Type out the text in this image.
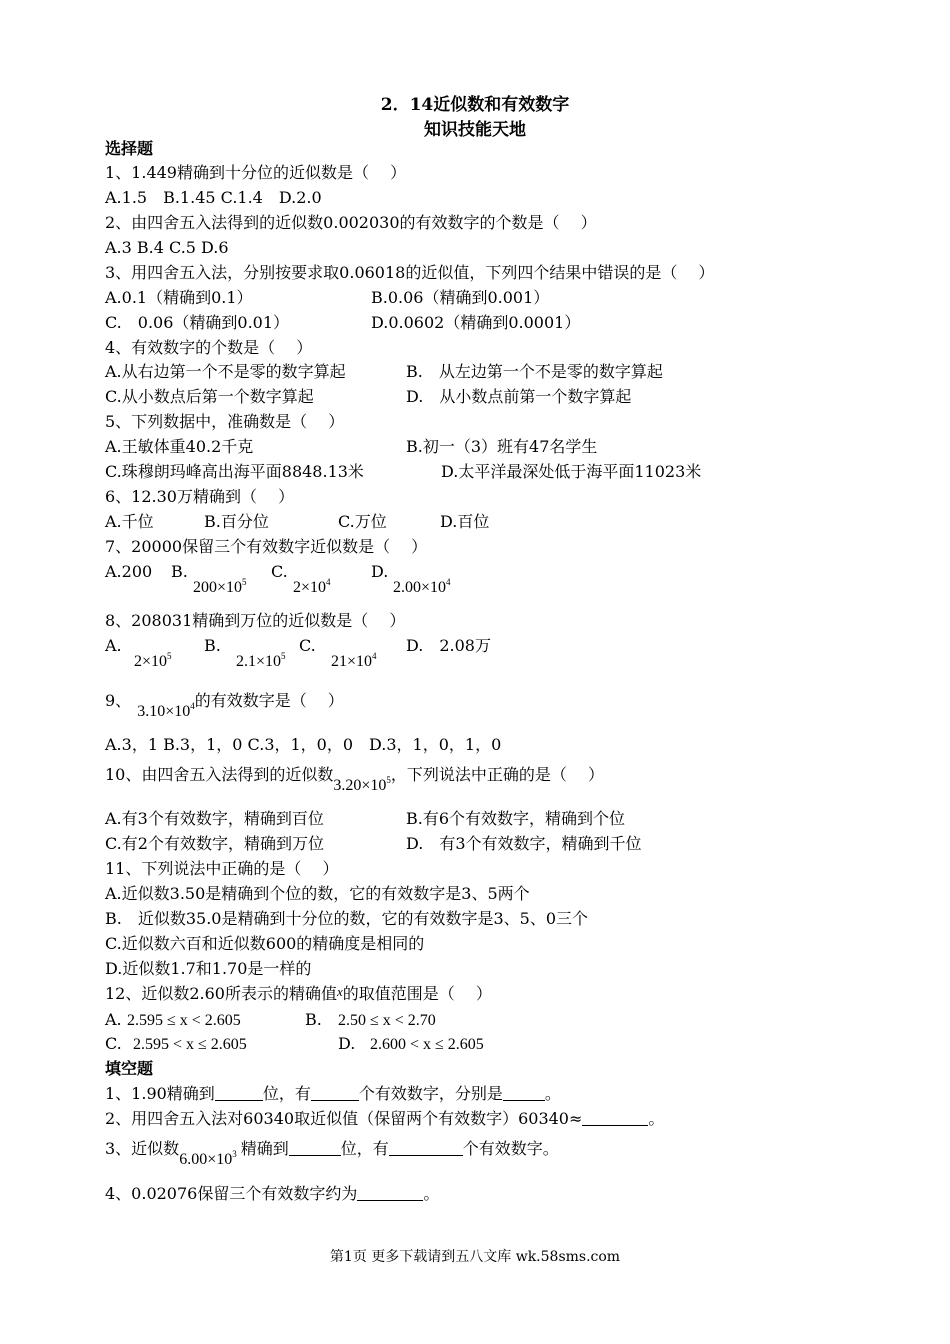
2．14近似数和有效数字
知识技能天地
选择题
1、1.449精确到十分位的近似数是（　 ）
A.1.5　B.1.45 C.1.4　D.2.0
2、由四舍五入法得到的近似数0.002030的有效数字的个数是（　 ）
A.3 B.4 C.5 D.6
3、用四舍五入法，分别按要求取0.06018的近似值，下列四个结果中错误的是（　 ）
A.0.1（精确到0.1）	B.0.06（精确到0.001）
C.　0.06（精确到0.01）	D.0.0602（精确到0.0001）
4、有效数字的个数是（　 ）
A.从右边第一个不是零的数字算起	B.　从左边第一个不是零的数字算起
C.从小数点后第一个数字算起	D.　从小数点前第一个数字算起
5、下列数据中，准确数是（　 ）
A.王敏体重40.2千克	B.初一（3）班有47名学生
C.珠穆朗玛峰高出海平面8848.13米	D.太平洋最深处低于海平面11023米
6、12.30万精确到（　 ）
A.千位	B.百分位	C.万位	D.百位
7、20000保留三个有效数字近似数是（　 ）
A.200 B.
$200\times 10^5$
C.
$2\times 10^4$
D.
$2.00\times 10^4$
8、208031精确到万位的近似数是（　 ）
A.
$2\times 10^5$
B.
$2.1\times 10^5$
C.
$21\times 10^4$
D.　2.08万
9、$3.10\times 10^4$的有效数字是（　 ）
A.3，1 B.3，1，0 C.3，1，0，0　D.3，1，0，1，0
10、由四舍五入法得到的近似数$3.20\times 10^5$，下列说法中正确的是（　 ）
A.有3个有效数字，精确到百位	B.有6个有效数字，精确到个位
C.有2个有效数字，精确到万位	D.　有3个有效数字，精确到千位
11、下列说法中正确的是（　 ）
A.近似数3.50是精确到个位的数，它的有效数字是3、5两个
B.　近似数35.0是精确到十分位的数，它的有效数字是3、5、0三个
C.近似数六百和近似数600的精确度是相同的
D.近似数1.7和1.70是一样的
12、近似数2.60所表示的精确值x的取值范围是（　 ）
A. 2.595 ≤ x < 2.605	B. 2.50 ≤ x < 2.70
C. 2.595 < x ≤ 2.605	D. 2.600 < x ≤ 2.605
填空题
1、1.90精确到	位，有	个有效数字，分别是	。
2、用四舍五入法对60340取近似值（保留两个有效数字）60340≈	。
3、近似数$6.00\times 10^3$ 精确到	位，有	个有效数字。
4、0.02076保留三个有效数字约为	。
第1页 更多下载请到五八文库 wk.58sms.com
